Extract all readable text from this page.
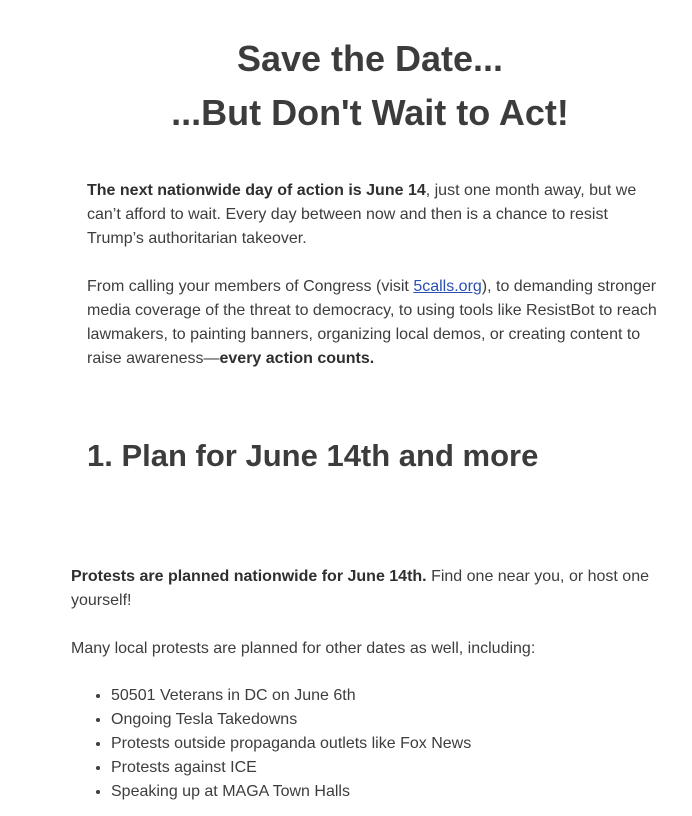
Save the Date...
...But Don't Wait to Act!

The next nationwide day of action is June 14, just one month away, but we can’t afford to wait. Every day between now and then is a chance to resist Trump’s authoritarian takeover.

From calling your members of Congress (visit 5calls.org), to demanding stronger media coverage of the threat to democracy, to using tools like ResistBot to reach lawmakers, to painting banners, organizing local demos, or creating content to raise awareness—every action counts.

1. Plan for June 14th and more

Protests are planned nationwide for June 14th. Find one near you, or host one yourself!

Many local protests are planned for other dates as well, including:

• 50501 Veterans in DC on June 6th
• Ongoing Tesla Takedowns
• Protests outside propaganda outlets like Fox News
• Protests against ICE
• Speaking up at MAGA Town Halls
